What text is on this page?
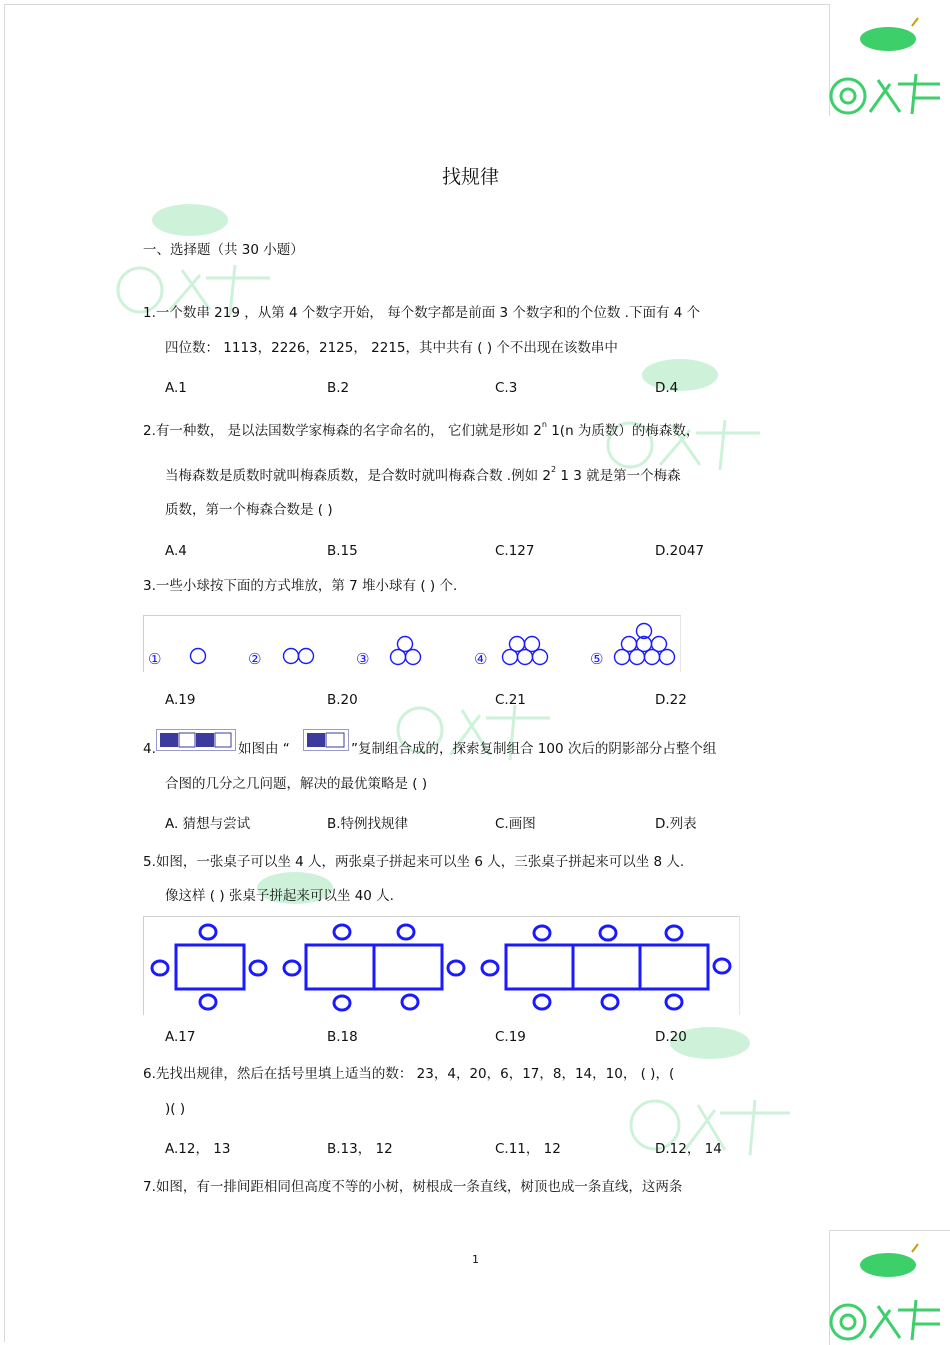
找规律
一、选择题（共 30 小题）
1.一个数串 219 ，从第 4 个数字开始， 每个数字都是前面 3 个数字和的个位数 .下面有 4 个
四位数： 1113，2226，2125， 2215，其中共有 ( ) 个不出现在该数串中
A.1	B.2	C.3	D.4
2.有一种数， 是以法国数学家梅森的名字命名的， 它们就是形如 2$^n$ 1(n 为质数）的梅森数，
当梅森数是质数时就叫梅森质数，是合数时就叫梅森合数 .例如 $2^2$ 1 3 就是第一个梅森
质数，第一个梅森合数是 ( )
A.4	B.15	C.127	D.2047
3.一些小球按下面的方式堆放，第 7 堆小球有 ( ) 个.
①	②	③	④	⑤
A.19	B.20	C.21	D.22
4.	如图由 “	”复制组合成的，探索复制组合 100 次后的阴影部分占整个组
合图的几分之几问题，解决的最优策略是 ( )
A. 猜想与尝试	B.特例找规律	C.画图	D.列表
5.如图，一张桌子可以坐 4 人，两张桌子拼起来可以坐 6 人，三张桌子拼起来可以坐 8 人.
像这样 ( ) 张桌子拼起来可以坐 40 人.
A.17	B.18	C.19	D.20
6.先找出规律，然后在括号里填上适当的数： 23，4，20，6，17，8，14，10， ( )，(
)( )
A.12， 13	B.13， 12	C.11， 12	D.12， 14
7.如图，有一排间距相同但高度不等的小树，树根成一条直线，树顶也成一条直线，这两条
1
